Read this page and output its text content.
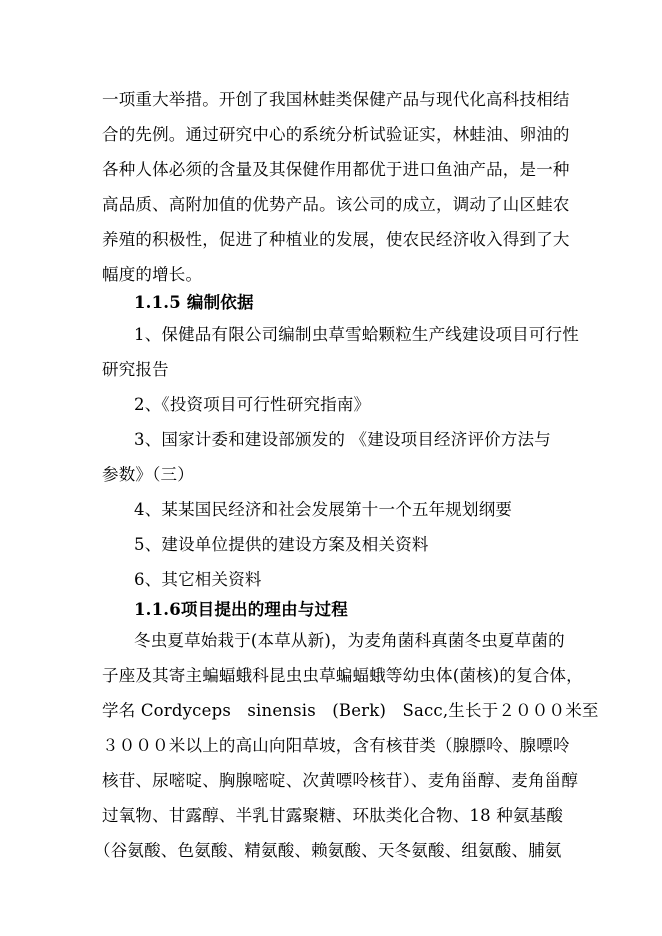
一项重大举措。开创了我国林蛙类保健产品与现代化高科技相结
合的先例。通过研究中心的系统分析试验证实，林蛙油、卵油的
各种人体必须的含量及其保健作用都优于进口鱼油产品，是一种
高品质、高附加值的优势产品。该公司的成立，调动了山区蛙农
养殖的积极性，促进了种植业的发展，使农民经济收入得到了大
幅度的增长。
1.1.5 编制依据
1、保健品有限公司编制虫草雪蛤颗粒生产线建设项目可行性
研究报告
2、《投资项目可行性研究指南》
3、国家计委和建设部颁发的 《建设项目经济评价方法与
参数》（三）
4、某某国民经济和社会发展第十一个五年规划纲要
5、建设单位提供的建设方案及相关资料
6、其它相关资料
1.1.6项目提出的理由与过程
冬虫夏草始栽于(本草从新)，为麦角菌科真菌冬虫夏草菌的
子座及其寄主蝙蝠蛾科昆虫虫草蝙蝠蛾等幼虫体(菌核)的复合体，
学名 Cordyceps   sinensis   (Berk)   Sacc,生长于２０００米至
３０００米以上的高山向阳草坡，含有核苷类（腺膘呤、腺嘌呤
核苷、尿嘧啶、胸腺嘧啶、次黄嘌呤核苷）、麦角甾醇、麦角甾醇
过氧物、甘露醇、半乳甘露聚糖、环肽类化合物、18 种氨基酸
（谷氨酸、色氨酸、精氨酸、赖氨酸、天冬氨酸、组氨酸、脯氨
